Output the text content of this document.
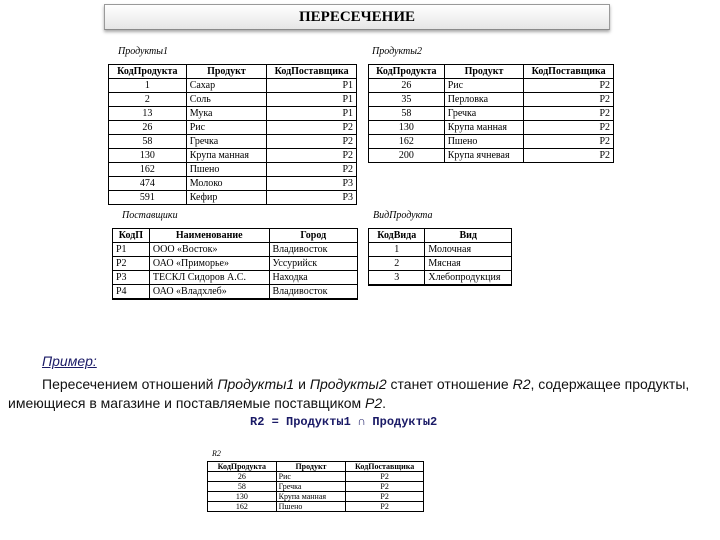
ПЕРЕСЕЧЕНИЕ
Продукты1
КодПродукта	Продукт	КодПоставщика
1	Сахар	P1
2	Соль	P1
13	Мука	P1
26	Рис	P2
58	Гречка	P2
130	Крупа манная	P2
162	Пшено	P2
474	Молоко	P3
591	Кефир	P3
Продукты2
КодПродукта	Продукт	КодПоставщика
26	Рис	P2
35	Перловка	P2
58	Гречка	P2
130	Крупа манная	P2
162	Пшено	P2
200	Крупа ячневая	P2
Поставщики
КодП	Наименование	Город
P1	ООО «Восток»	Владивосток
P2	ОАО «Приморье»	Уссурийск
P3	ТЕСКЛ Сидоров А.С.	Находка
P4	ОАО «Владхлеб»	Владивосток
ВидПродукта
КодВида	Вид
1	Молочная
2	Мясная
3	Хлебопродукция
Пример:
Пересечением отношений Продукты1 и Продукты2 станет отношение R2, содержащее продукты, имеющиеся в магазине и поставляемые поставщиком P2.
R2 = Продукты1 ∩ Продукты2
R2
КодПродукта	Продукт	КодПоставщика
26	Рис	P2
58	Гречка	P2
130	Крупа манная	P2
162	Пшено	P2
